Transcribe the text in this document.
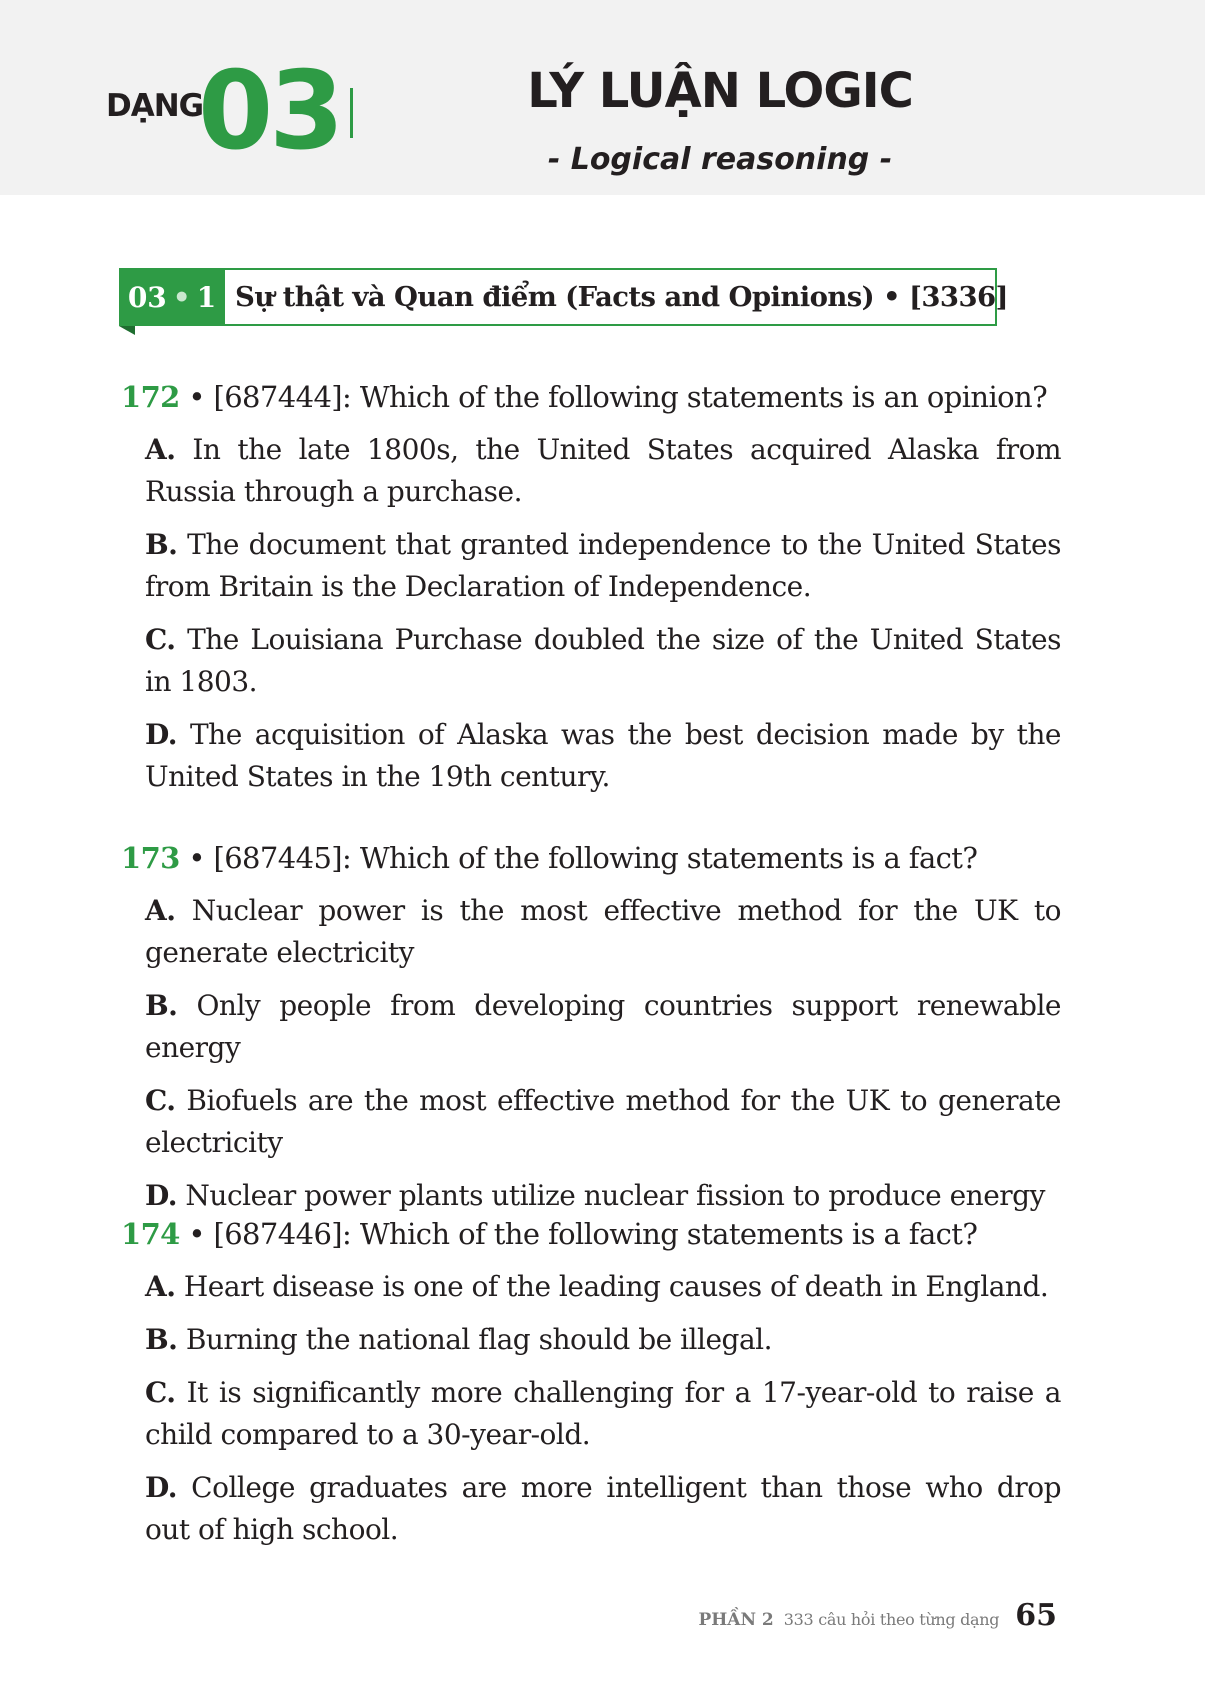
DẠNG
03	LÝ LUẬN LOGIC
- Logical reasoning -
03 • 1 Sự thật và Quan điểm (Facts and Opinions) • [3336]

172 • [687444]: Which of the following statements is an opinion?

A. In the late 1800s, the United States acquired Alaska from Russia through a purchase.
B. The document that granted independence to the United States from Britain is the Declaration of Independence.
C. The Louisiana Purchase doubled the size of the United States in 1803.
D. The acquisition of Alaska was the best decision made by the United States in the 19th century.

173 • [687445]: Which of the following statements is a fact?

A. Nuclear power is the most effective method for the UK to generate electricity
B. Only people from developing countries support renewable energy
C. Biofuels are the most effective method for the UK to generate electricity
D. Nuclear power plants utilize nuclear fission to produce energy

174 • [687446]: Which of the following statements is a fact?

A. Heart disease is one of the leading causes of death in England.
B. Burning the national flag should be illegal.
C. It is significantly more challenging for a 17-year-old to raise a child compared to a 30-year-old.
D. College graduates are more intelligent than those who drop out of high school.
PHẦN 2 333 câu hỏi theo từng dạng 65
